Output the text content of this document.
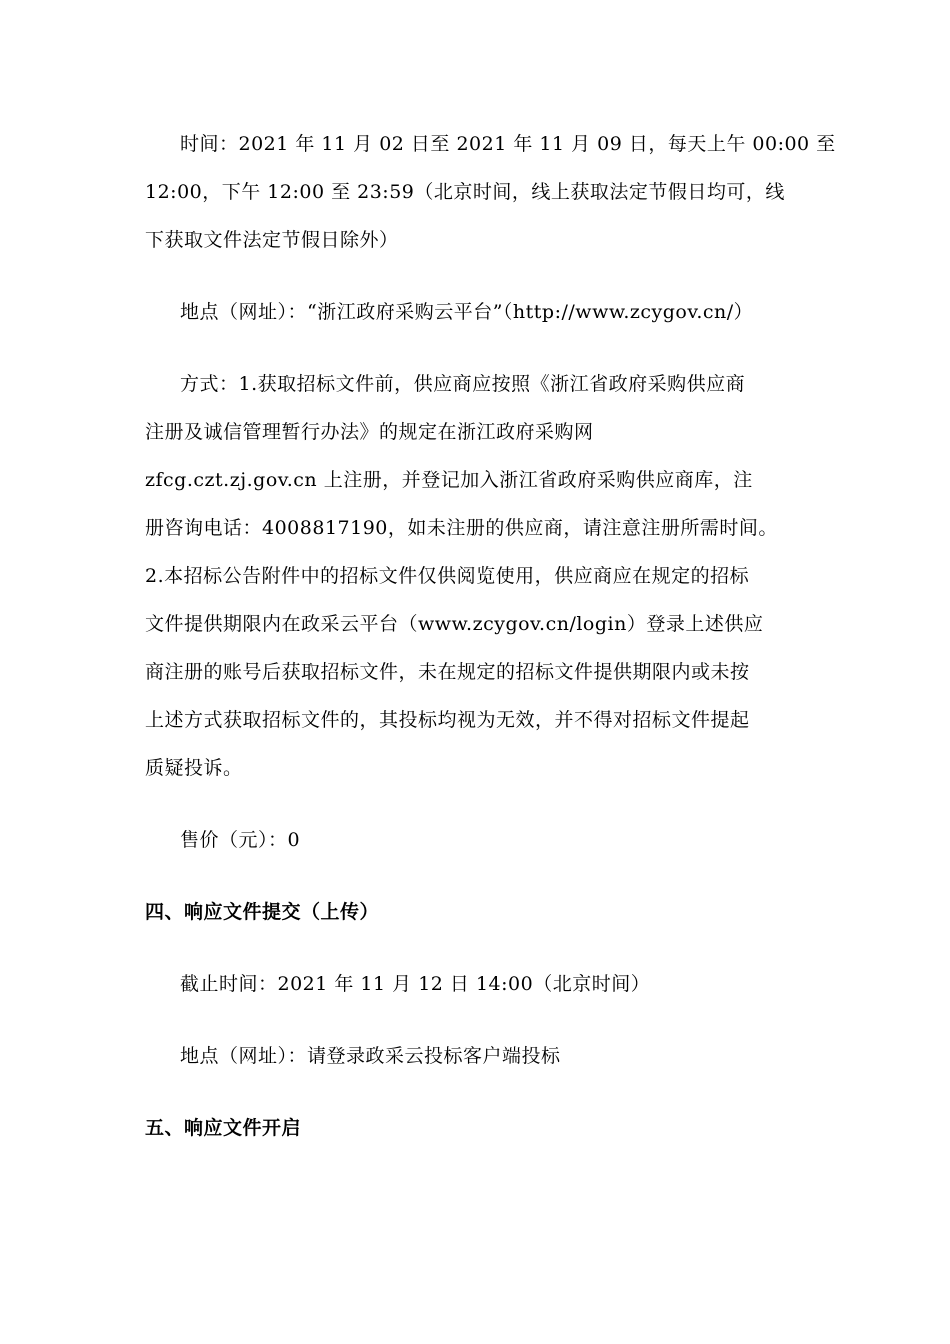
时间：2021 年 11 月 02 日至 2021 年 11 月 09 日，每天上午 00:00 至
12:00，下午 12:00 至 23:59（北京时间，线上获取法定节假日均可，线
下获取文件法定节假日除外）
地点（网址）：“浙江政府采购云平台”（http://www.zcygov.cn/）
方式：1.获取招标文件前，供应商应按照《浙江省政府采购供应商
注册及诚信管理暂行办法》的规定在浙江政府采购网
zfcg.czt.zj.gov.cn 上注册，并登记加入浙江省政府采购供应商库，注
册咨询电话：4008817190，如未注册的供应商，请注意注册所需时间。
2.本招标公告附件中的招标文件仅供阅览使用，供应商应在规定的招标
文件提供期限内在政采云平台（www.zcygov.cn/login）登录上述供应
商注册的账号后获取招标文件，未在规定的招标文件提供期限内或未按
上述方式获取招标文件的，其投标均视为无效，并不得对招标文件提起
质疑投诉。
售价（元）：0
四、响应文件提交（上传）
截止时间：2021 年 11 月 12 日 14:00（北京时间）
地点（网址）：请登录政采云投标客户端投标
五、响应文件开启
